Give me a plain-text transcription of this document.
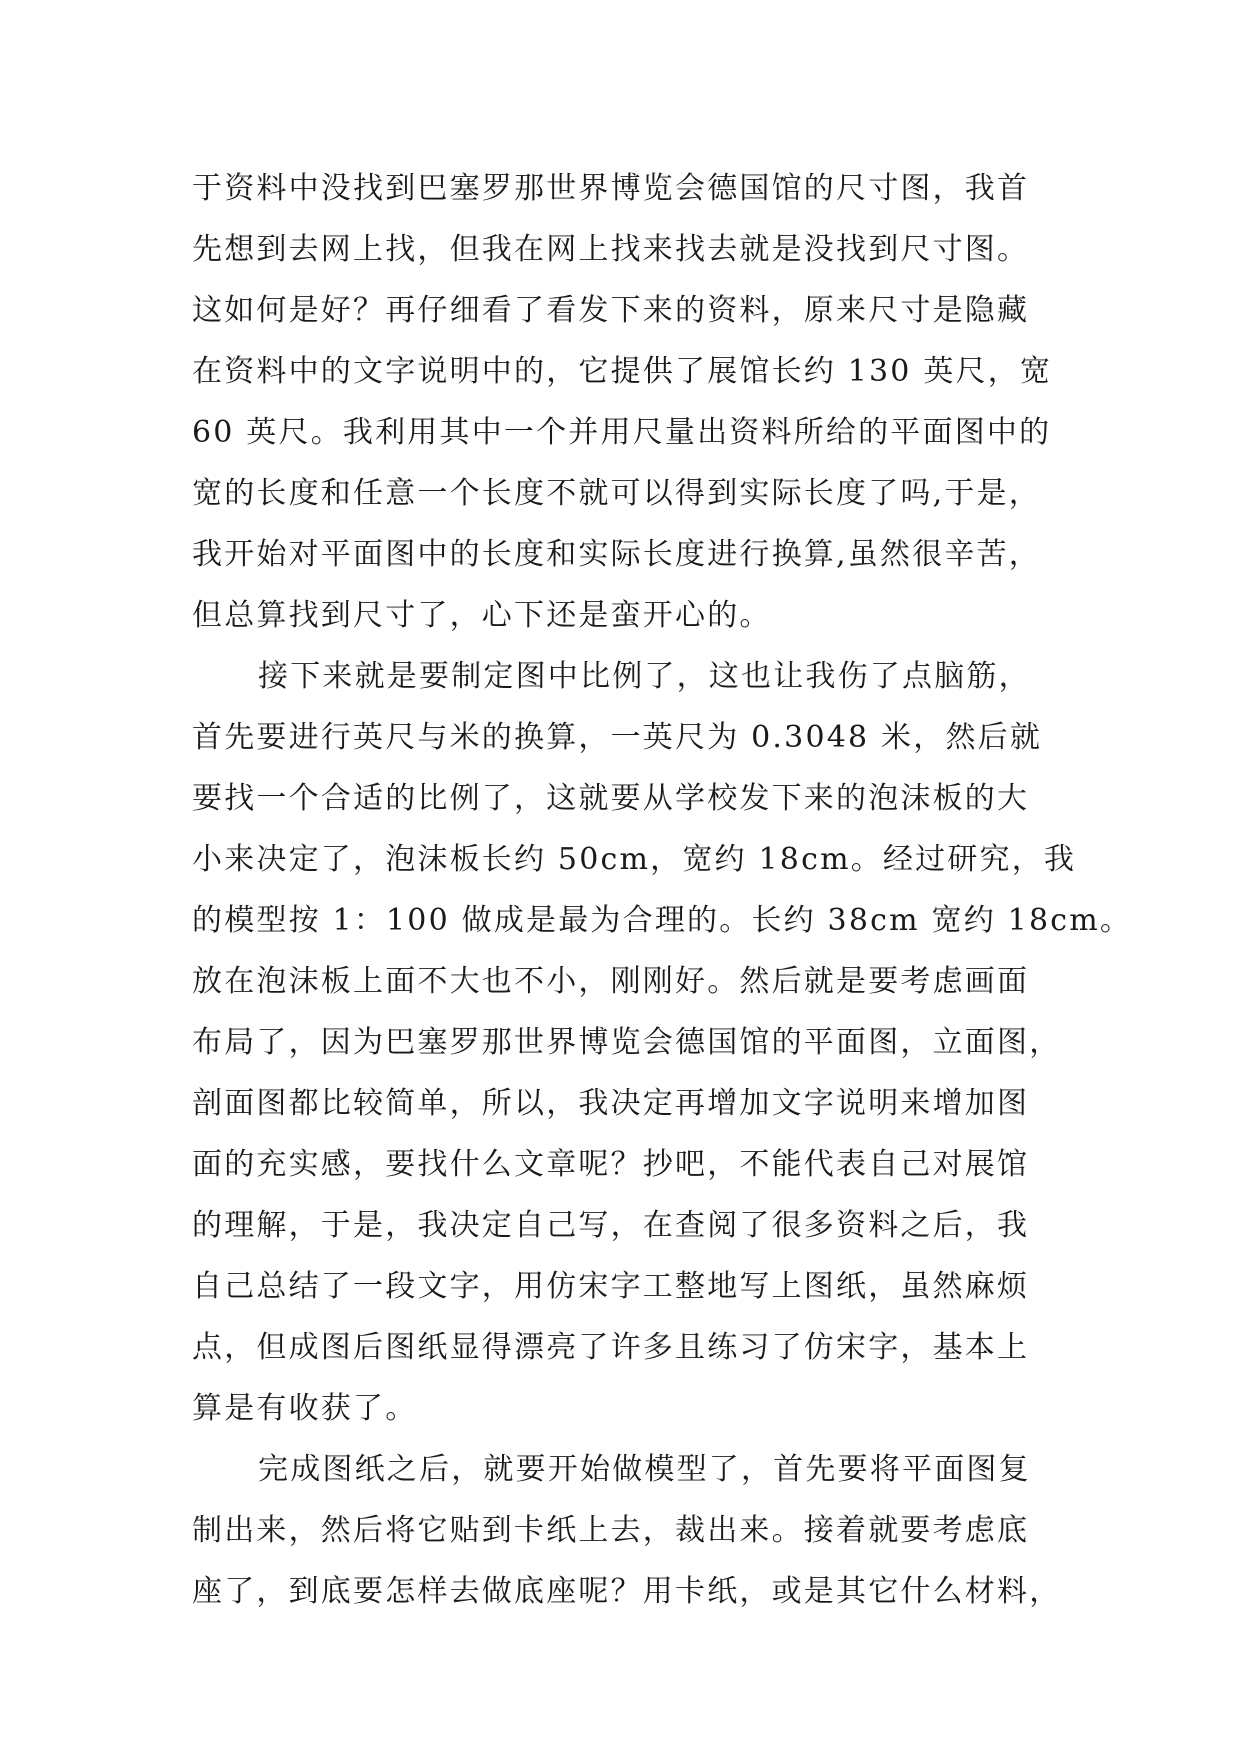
于资料中没找到巴塞罗那世界博览会德国馆的尺寸图，我首
先想到去网上找，但我在网上找来找去就是没找到尺寸图。
这如何是好？再仔细看了看发下来的资料，原来尺寸是隐藏
在资料中的文字说明中的，它提供了展馆长约 130 英尺，宽
60 英尺。我利用其中一个并用尺量出资料所给的平面图中的
宽的长度和任意一个长度不就可以得到实际长度了吗,于是，
我开始对平面图中的长度和实际长度进行换算,虽然很辛苦，
但总算找到尺寸了，心下还是蛮开心的。
接下来就是要制定图中比例了，这也让我伤了点脑筋，
首先要进行英尺与米的换算，一英尺为 0.3048 米，然后就
要找一个合适的比例了，这就要从学校发下来的泡沫板的大
小来决定了，泡沫板长约 50cm，宽约 18cm。经过研究，我
的模型按 1：100 做成是最为合理的。长约 38cm 宽约 18cm。
放在泡沫板上面不大也不小，刚刚好。然后就是要考虑画面
布局了，因为巴塞罗那世界博览会德国馆的平面图，立面图，
剖面图都比较简单，所以，我决定再增加文字说明来增加图
面的充实感，要找什么文章呢？抄吧，不能代表自己对展馆
的理解，于是，我决定自己写，在查阅了很多资料之后，我
自己总结了一段文字，用仿宋字工整地写上图纸，虽然麻烦
点，但成图后图纸显得漂亮了许多且练习了仿宋字，基本上
算是有收获了。
完成图纸之后，就要开始做模型了，首先要将平面图复
制出来，然后将它贴到卡纸上去，裁出来。接着就要考虑底
座了，到底要怎样去做底座呢？用卡纸，或是其它什么材料，
